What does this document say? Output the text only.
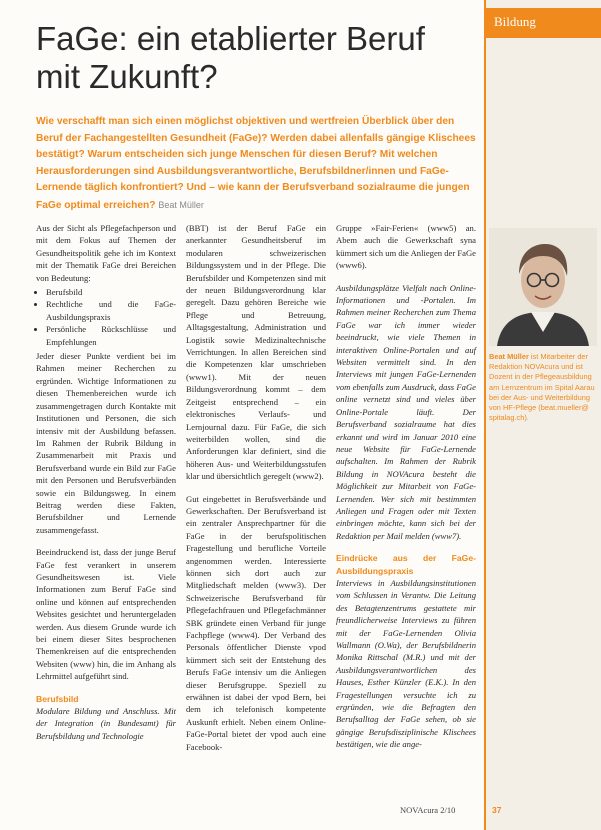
Bildung
FaGe: ein etablierter Beruf mit Zukunft?

Wie verschafft man sich einen möglichst objektiven und wertfreien Überblick über den Beruf der Fachangestellten Gesundheit (FaGe)? Werden dabei allenfalls gängige Klischees bestätigt? Warum entscheiden sich junge Menschen für diesen Beruf? Mit welchen Herausforderungen sind Ausbildungsverantwortliche, Berufsbildner/innen und FaGe-Lernende täglich konfrontiert? Und – wie kann der Berufsverband sozialraume die jungen FaGe optimal erreichen? Beat Müller

Aus der Sicht als Pflegefachperson und mit dem Fokus auf Themen der Gesundheitspolitik gehe ich im Kontext mit der Thematik FaGe drei Bereichen von Bedeutung:

• Berufsbild
• Rechtliche und die FaGe-Ausbildungspraxis
• Persönliche Rückschlüsse und Empfehlungen

Jeder dieser Punkte verdient bei im Rahmen meiner Recherchen zu ergründen. Wichtige Informationen zu diesen Themenbereichen wurde ich zusammengetragen durch Kontakte mit Institutionen und Personen, die sich intensiv mit der Ausbildung befassen. Im Rahmen der Rubrik Bildung in Zusammenarbeit mit Praxis und Berufsverband wurde ein Bild zur FaGe mit den Personen und Berufsverbänden sowie ein Bildungsweg. In einem Beitrag werden diese Fakten, Berufsbildner und Lernende zusammengefasst.

Beeindruckend ist, dass der junge Beruf FaGe fest verankert in unserem Gesundheitswesen ist. Viele Informationen zum Beruf FaGe sind online und können auf entsprechenden Websites gesichtet und heruntergeladen werden. Aus diesem Grunde wurde ich bei einem dieser Sites besprochenen Themenkreisen auf die entsprechenden Websiten (www) hin, die im Anhang als Lehrmittel aufgeführt sind.

Berufsbild

Modulare Bildung und Anschluss. Mit der Integration (in Bundesamt) für Berufsbildung und Technologie

(BBT) ist der Beruf FaGe ein anerkannter Gesundheitsberuf im modularen schweizerischen Bildungssystem und in der Pflege. Die Berufsbilder und Kompetenzen sind mit der neuen Bildungsverordnung klar geregelt. Dazu gehören Bereiche wie Pflege und Betreuung, Alltagsgestaltung, Administration und Logistik sowie Medizinaltechnische Verrichtungen. In allen Bereichen sind die Kompetenzen klar umschrieben (www1). Mit der neuen Bildungsverordnung kommt – dem Zeitgeist entsprechend – ein elektronisches Verlaufs- und Lernjournal dazu. Für FaGe, die sich weiterbilden wollen, sind die Anforderungen klar definiert, sind die höheren Aus- und Weiterbildungsstufen klar und übersichtlich geregelt (www2).

Gut eingebettet in Berufsverbände und Gewerkschaften. Der Berufsverband ist ein zentraler Ansprechpartner für die FaGe in der berufspolitischen Fragestellung und berufliche Vorteile angenommen werden. Interessierte können sich dort auch zur Mitgliedschaft melden (www3). Der Schweizerische Berufsverband für Pflegefachfrauen und Pflegefachmänner SBK gründete einen Verband für junge Fachpflege (www4). Der Verband des Personals öffentlicher Dienste vpod kümmert sich seit der Entstehung des Berufs FaGe intensiv um die Anliegen dieser Berufsgruppe. Speziell zu erwähnen ist dabei der vpod Bern, bei dem ich telefonisch kompetente Auskunft erhielt. Neben einem Online-FaGe-Portal bietet der vpod auch eine Facebook-

Gruppe »Fair-Ferien« (www5) an. Abem auch die Gewerkschaft syna kümmert sich um die Anliegen der FaGe (www6).

Ausbildungsplätze Vielfalt nach Online-Informationen und -Portalen. Im Rahmen meiner Recherchen zum Thema FaGe war ich immer wieder beeindruckt, wie viele Themen in interaktiven Online-Portalen und auf Websiten vermittelt sind. In den Interviews mit jungen FaGe-Lernenden vom ebenfalls zum Ausdruck, dass FaGe online vernetzt sind und vieles über Online-Portale läuft. Der Berufsverband sozialraume hat dies erkannt und wird im Januar 2010 eine neue Website für FaGe-Lernende aufschalten. Im Rahmen der Rubrik Bildung in NOVAcura besteht die Möglichkeit zur Mitarbeit von FaGe-Lernenden. Wer sich mit bestimmten Anliegen und Fragen oder mit Texten einbringen möchte, kann sich bei der Redaktion per Mail melden (www7).

Eindrücke aus der FaGe-Ausbildungspraxis

Interviews in Ausbildungsinstitutionen vom Schlussen in Verantw. Die Leitung des Betagtenzentrums gestattete mir freundlicherweise Interviews zu führen mit der FaGe-Lernenden Olivia Wallmann (O.Wa), der Berufsbildnerin Monika Rittschal (M.R.) und mit der Ausbildungsverantwortlichen des Hauses, Esther Künzler (E.K.). In den Fragestellungen versuchte ich zu ergründen, wie die Befragten den Berufsalltag der FaGe sehen, ob sie gängige Berufsdisziplinische Klischees bestätigen, wie die ange-

Beat Müller ist Mitarbeiter der Redaktion NOVAcura und ist Dozent in der Pflegeausbildung am Lernzentrum im Spital Aarau bei der Aus- und Weiterbildung von HF-Pflege (beat.mueller@ spitalag.ch).
NOVAcura 2/10	37
